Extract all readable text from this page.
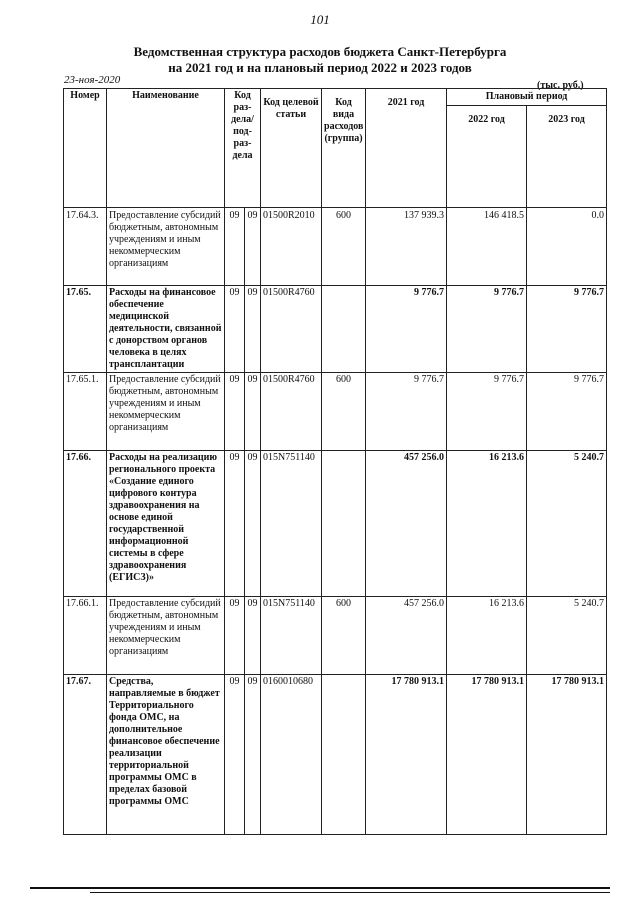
101
Ведомственная структура расходов бюджета Санкт-Петербурга
на 2021 год и на плановый период 2022 и 2023 годов
23-ноя-2020	(тыс. руб.)
Номер	Наименование	Код раз- дела/ под- раз- дела		Код целевой статьи	Код вида расходов (группа)	2021 год	Плановый период	
							2022 год	2023 год
17.64.3.	Предоставление субсидий бюджетным, автономным учреждениям и иным некоммерческим организациям	09	09	01500R2010	600	137 939.3	146 418.5	0.0
17.65.	Расходы на финансовое обеспечение медицинской деятельности, связанной с донорством органов человека в целях трансплантации	09	09	01500R4760		9 776.7	9 776.7	9 776.7
17.65.1.	Предоставление субсидий бюджетным, автономным учреждениям и иным некоммерческим организациям	09	09	01500R4760	600	9 776.7	9 776.7	9 776.7
17.66.	Расходы на реализацию регионального проекта «Создание единого цифрового контура здравоохранения на основе единой государственной информационной системы в сфере здравоохранения (ЕГИСЗ)»	09	09	015N751140		457 256.0	16 213.6	5 240.7
17.66.1.	Предоставление субсидий бюджетным, автономным учреждениям и иным некоммерческим организациям	09	09	015N751140	600	457 256.0	16 213.6	5 240.7
17.67.	Средства, направляемые в бюджет Территориального фонда ОМС, на дополнительное финансовое обеспечение реализации территориальной программы ОМС в пределах базовой программы ОМС	09	09	0160010680		17 780 913.1	17 780 913.1	17 780 913.1
